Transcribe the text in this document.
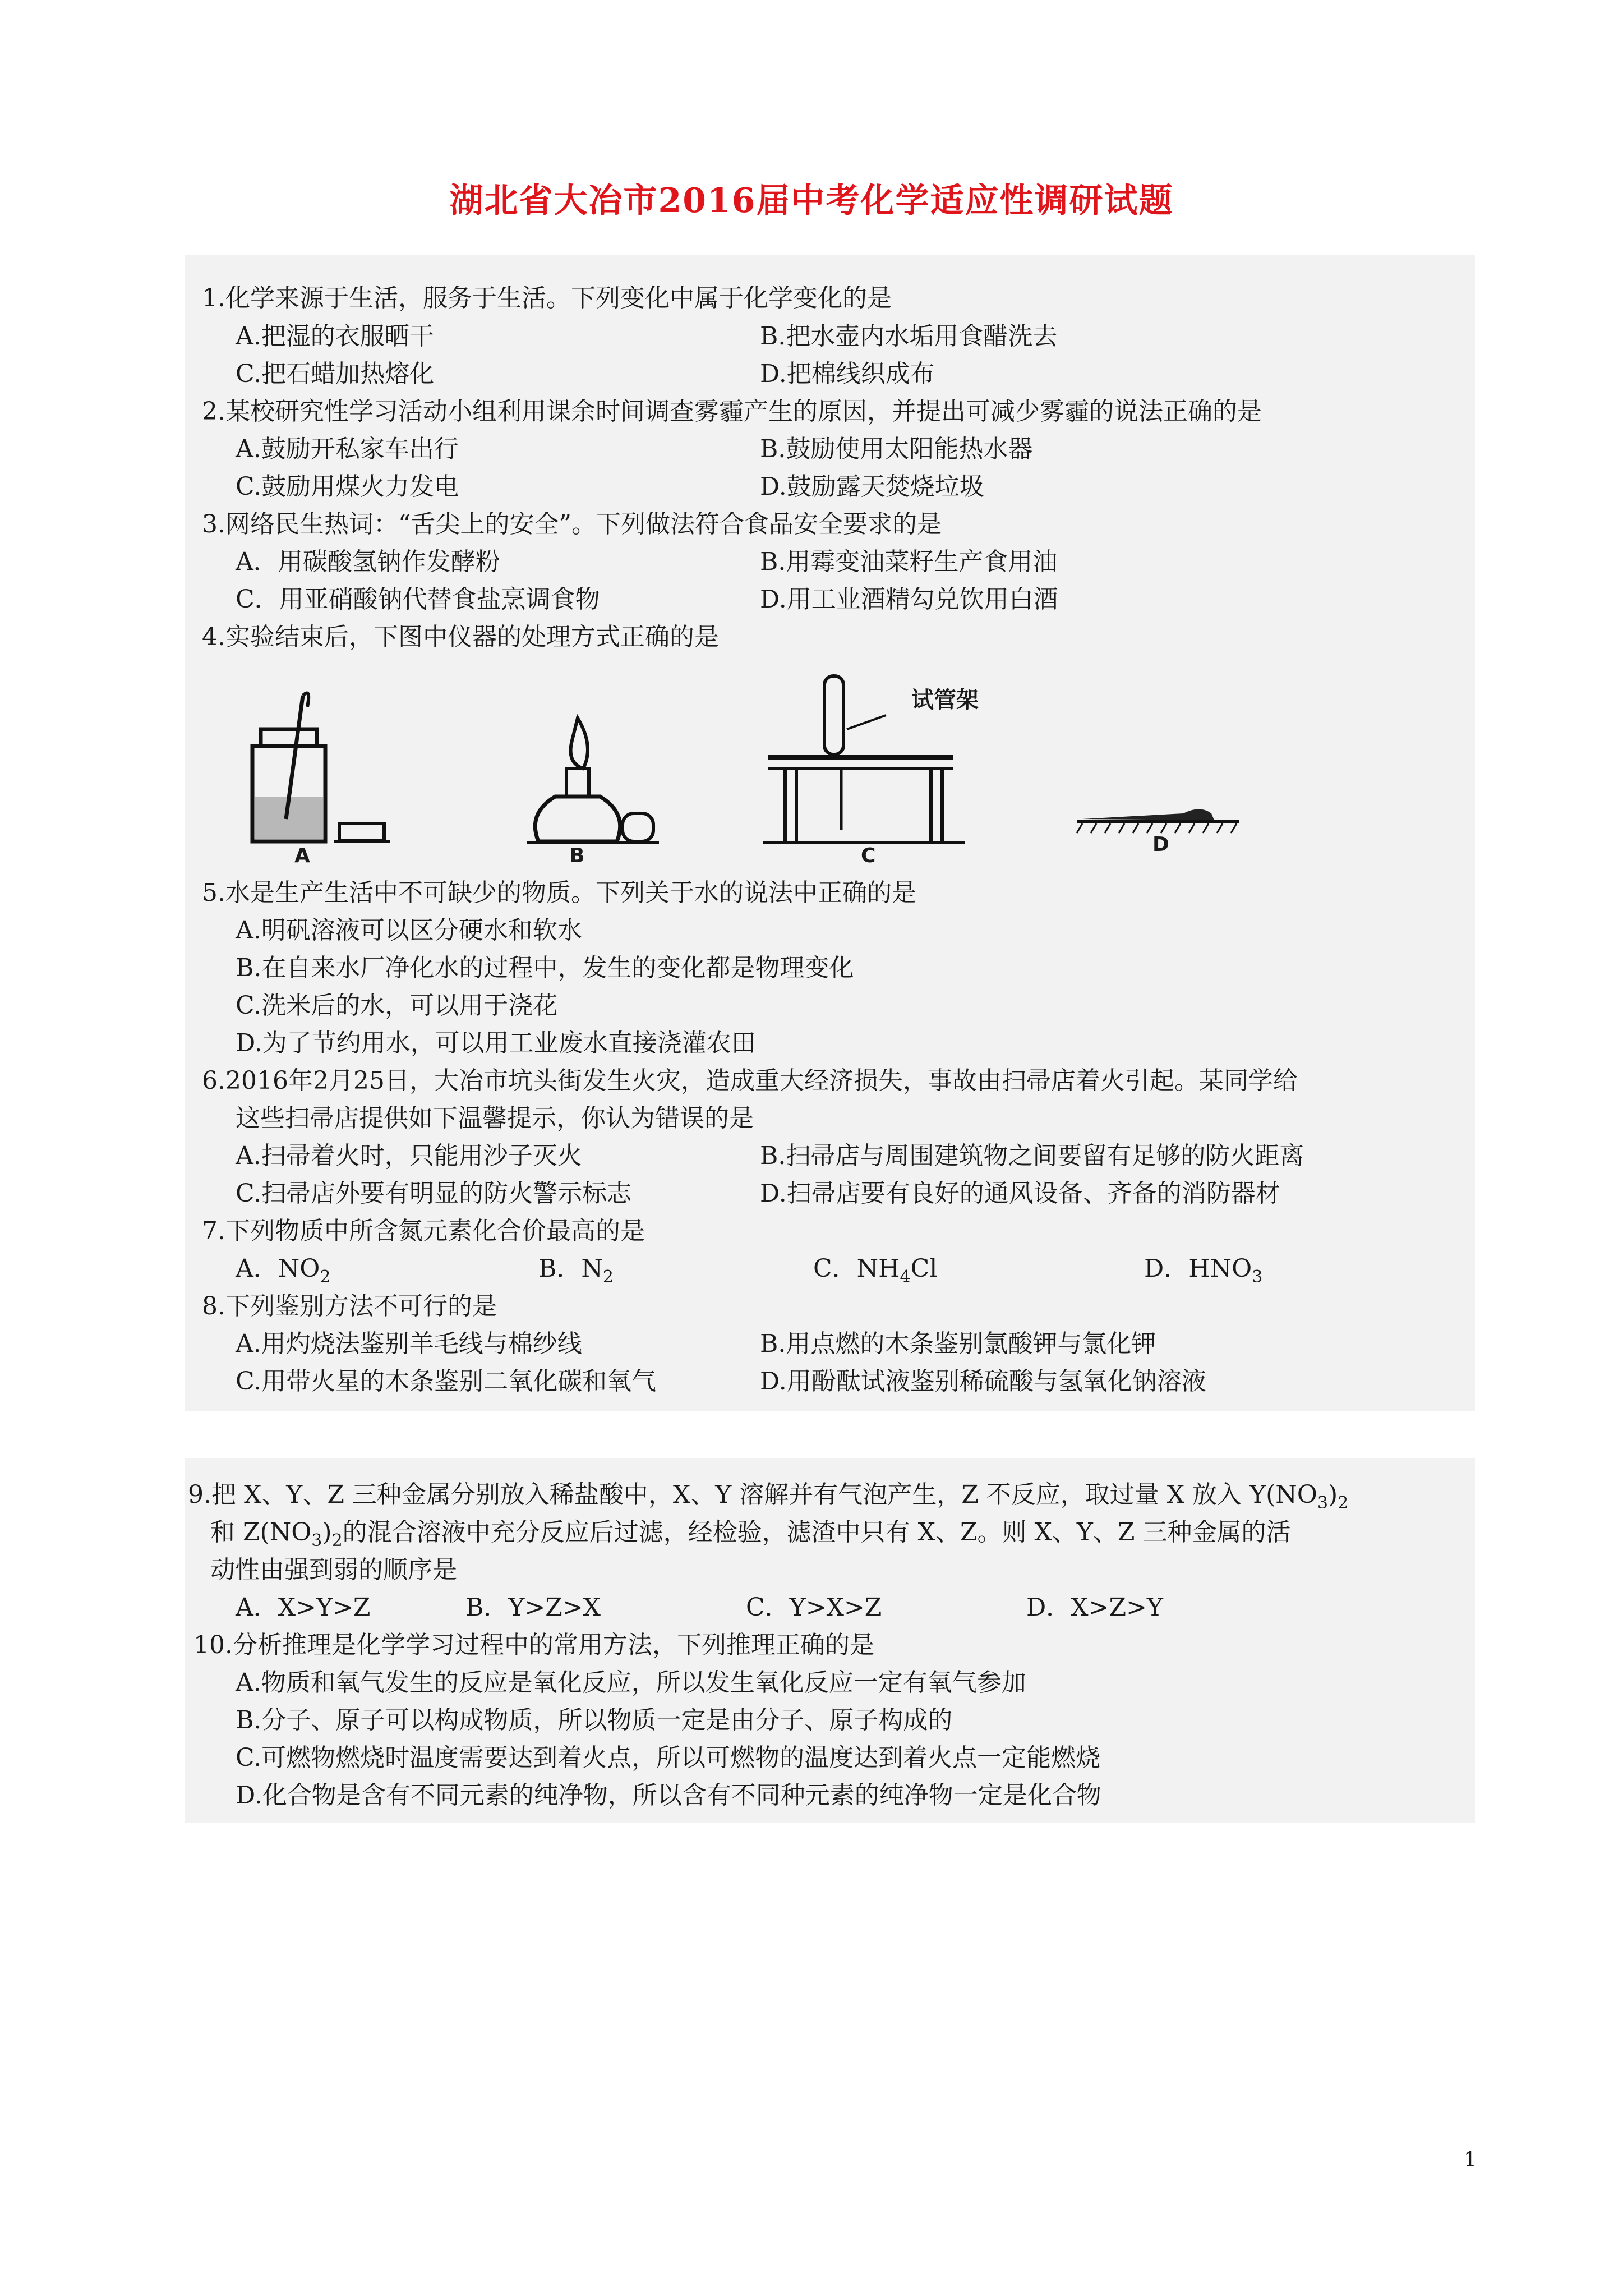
湖北省大冶市2016届中考化学适应性调研试题
1.化学来源于生活，服务于生活。下列变化中属于化学变化的是
A.把湿的衣服晒干	B.把水壶内水垢用食醋洗去
C.把石蜡加热熔化	D.把棉线织成布
2.某校研究性学习活动小组利用课余时间调查雾霾产生的原因，并提出可减少雾霾的说法正确的是
A.鼓励开私家车出行	B.鼓励使用太阳能热水器
C.鼓励用煤火力发电	D.鼓励露天焚烧垃圾
3.网络民生热词：“舌尖上的安全”。下列做法符合食品安全要求的是
A．用碳酸氢钠作发酵粉	B.用霉变油菜籽生产食用油
C．用亚硝酸钠代替食盐烹调食物	D.用工业酒精勾兑饮用白酒
4.实验结束后，下图中仪器的处理方式正确的是
A	B
试管架
C	D
5.水是生产生活中不可缺少的物质。下列关于水的说法中正确的是
A.明矾溶液可以区分硬水和软水
B.在自来水厂净化水的过程中，发生的变化都是物理变化
C.洗米后的水，可以用于浇花
D.为了节约用水，可以用工业废水直接浇灌农田
6.2016年2月25日，大冶市坑头街发生火灾，造成重大经济损失，事故由扫帚店着火引起。某同学给
这些扫帚店提供如下温馨提示，你认为错误的是
A.扫帚着火时，只能用沙子灭火	B.扫帚店与周围建筑物之间要留有足够的防火距离
C.扫帚店外要有明显的防火警示标志	D.扫帚店要有良好的通风设备、齐备的消防器材
7.下列物质中所含氮元素化合价最高的是
A．$NO_2$	B．$N_2$	C．$NH_4Cl$	D．$HNO_3$
8.下列鉴别方法不可行的是
A.用灼烧法鉴别羊毛线与棉纱线	B.用点燃的木条鉴别氯酸钾与氯化钾
C.用带火星的木条鉴别二氧化碳和氧气	D.用酚酞试液鉴别稀硫酸与氢氧化钠溶液
9.把 X、Y、Z 三种金属分别放入稀盐酸中，X、Y 溶解并有气泡产生，Z 不反应，取过量 X 放入 $Y(NO_3)_2$
和 $Z(NO_3)_2$的混合溶液中充分反应后过滤，经检验，滤渣中只有 X、Z。则 X、Y、Z 三种金属的活
动性由强到弱的顺序是
A．X>Y>Z	B．Y>Z>X	C．Y>X>Z	D．X>Z>Y
10.分析推理是化学学习过程中的常用方法，下列推理正确的是
A.物质和氧气发生的反应是氧化反应，所以发生氧化反应一定有氧气参加
B.分子、原子可以构成物质，所以物质一定是由分子、原子构成的
C.可燃物燃烧时温度需要达到着火点，所以可燃物的温度达到着火点一定能燃烧
D.化合物是含有不同元素的纯净物，所以含有不同种元素的纯净物一定是化合物
1
